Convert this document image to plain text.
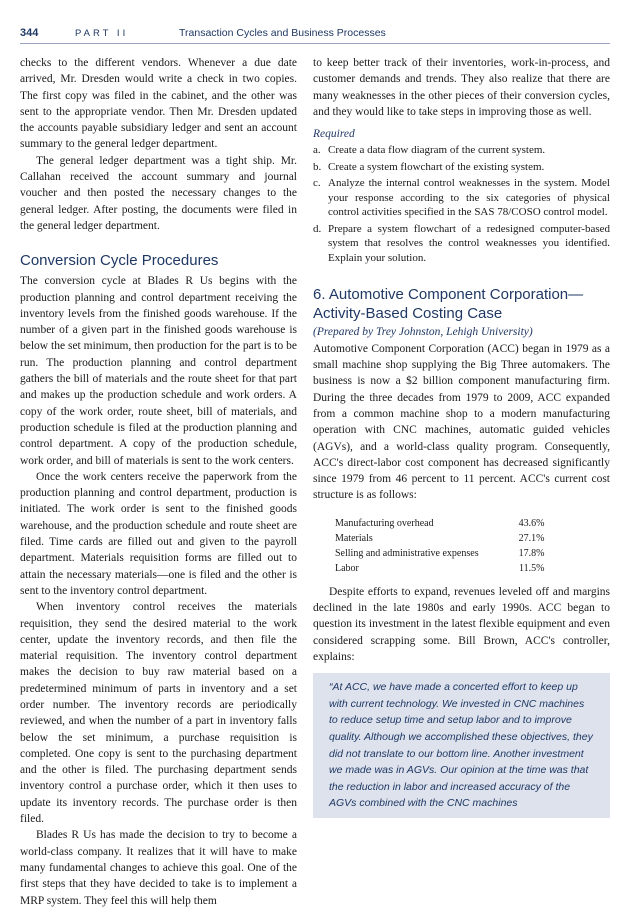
344	PART II	Transaction Cycles and Business Processes

checks to the different vendors. Whenever a due date arrived, Mr. Dresden would write a check in two copies. The first copy was filed in the cabinet, and the other was sent to the appropriate vendor. Then Mr. Dresden updated the accounts payable subsidiary ledger and sent an account summary to the general ledger department.

The general ledger department was a tight ship. Mr. Callahan received the account summary and journal voucher and then posted the necessary changes to the general ledger. After posting, the documents were filed in the general ledger department.

Conversion Cycle Procedures

The conversion cycle at Blades R Us begins with the production planning and control department receiving the inventory levels from the finished goods warehouse. If the number of a given part in the finished goods warehouse is below the set minimum, then production for the part is to be run. The production planning and control department gathers the bill of materials and the route sheet for that part and makes up the production schedule and work orders. A copy of the work order, route sheet, bill of materials, and production schedule is filed at the production planning and control department. A copy of the production schedule, work order, and bill of materials is sent to the work centers.

Once the work centers receive the paperwork from the production planning and control department, production is initiated. The work order is sent to the finished goods warehouse, and the production schedule and route sheet are filed. Time cards are filled out and given to the payroll department. Materials requisition forms are filled out to attain the necessary materials—one is filed and the other is sent to the inventory control department.

When inventory control receives the materials requisition, they send the desired material to the work center, update the inventory records, and then file the material requisition. The inventory control department makes the decision to buy raw material based on a predetermined minimum of parts in inventory and a set order number. The inventory records are periodically reviewed, and when the number of a part in inventory falls below the set minimum, a purchase requisition is completed. One copy is sent to the purchasing department and the other is filed. The purchasing department sends inventory control a purchase order, which it then uses to update its inventory records. The purchase order is then filed.

Blades R Us has made the decision to try to become a world-class company. It realizes that it will have to make many fundamental changes to achieve this goal. One of the first steps that they have decided to take is to implement a MRP system. They feel this will help them

to keep better track of their inventories, work-in-process, and customer demands and trends. They also realize that there are many weaknesses in the other pieces of their conversion cycles, and they would like to take steps in improving those as well.

Required
a. Create a data flow diagram of the current system.
b. Create a system flowchart of the existing system.
c. Analyze the internal control weaknesses in the system. Model your response according to the six categories of physical control activities specified in the SAS 78/COSO control model.
d. Prepare a system flowchart of a redesigned computer-based system that resolves the control weaknesses you identified. Explain your solution.
6. Automotive Component Corporation—Activity-Based Costing Case
(Prepared by Trey Johnston, Lehigh University)

Automotive Component Corporation (ACC) began in 1979 as a small machine shop supplying the Big Three automakers. The business is now a $2 billion component manufacturing firm. During the three decades from 1979 to 2009, ACC expanded from a common machine shop to a modern manufacturing operation with CNC machines, automatic guided vehicles (AGVs), and a world-class quality program. Consequently, ACC's direct-labor cost component has decreased significantly since 1979 from 46 percent to 11 percent. ACC's current cost structure is as follows:

Manufacturing overhead	43.6%
Materials	27.1%
Selling and administrative expenses	17.8%
Labor	11.5%

Despite efforts to expand, revenues leveled off and margins declined in the late 1980s and early 1990s. ACC began to question its investment in the latest flexible equipment and even considered scrapping some. Bill Brown, ACC's controller, explains:

“At ACC, we have made a concerted effort to keep up with current technology. We invested in CNC machines to reduce setup time and setup labor and to improve quality. Although we accomplished these objectives, they did not translate to our bottom line. Another investment we made was in AGVs. Our opinion at the time was that the reduction in labor and increased accuracy of the AGVs combined with the CNC machines
